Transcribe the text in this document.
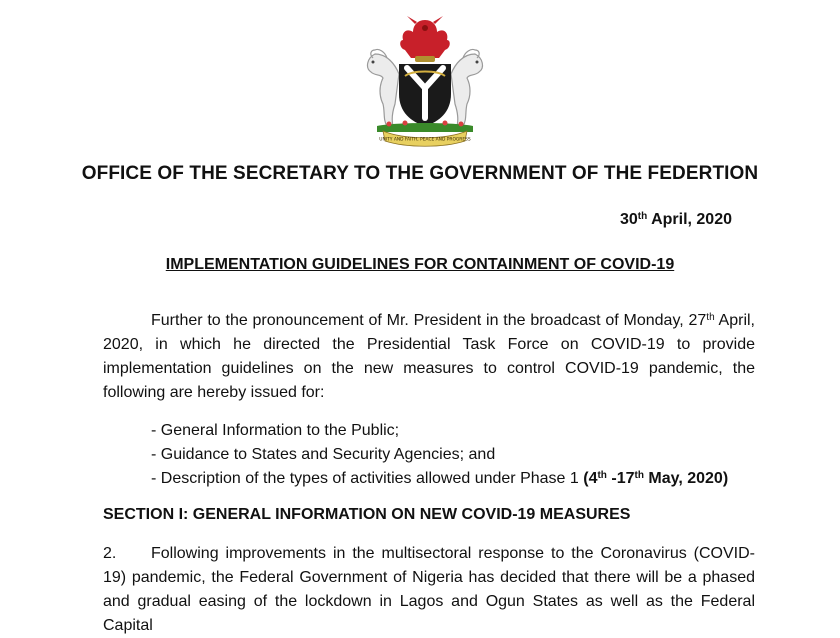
UNITY AND FAITH, PEACE AND PROGRESS
OFFICE OF THE SECRETARY TO THE GOVERNMENT OF THE FEDERTION
30th April, 2020
IMPLEMENTATION GUIDELINES FOR CONTAINMENT OF COVID-19
Further to the pronouncement of Mr. President in the broadcast of Monday, 27th April, 2020, in which he directed the Presidential Task Force on COVID-19 to provide implementation guidelines on the new measures to control COVID-19 pandemic, the following are hereby issued for:
- General Information to the Public;
- Guidance to States and Security Agencies; and
- Description of the types of activities allowed under Phase 1 (4th -17th May, 2020)
SECTION I: GENERAL INFORMATION ON NEW COVID-19 MEASURES
2. Following improvements in the multisectoral response to the Coronavirus (COVID-19) pandemic, the Federal Government of Nigeria has decided that there will be a phased and gradual easing of the lockdown in Lagos and Ogun States as well as the Federal Capital
